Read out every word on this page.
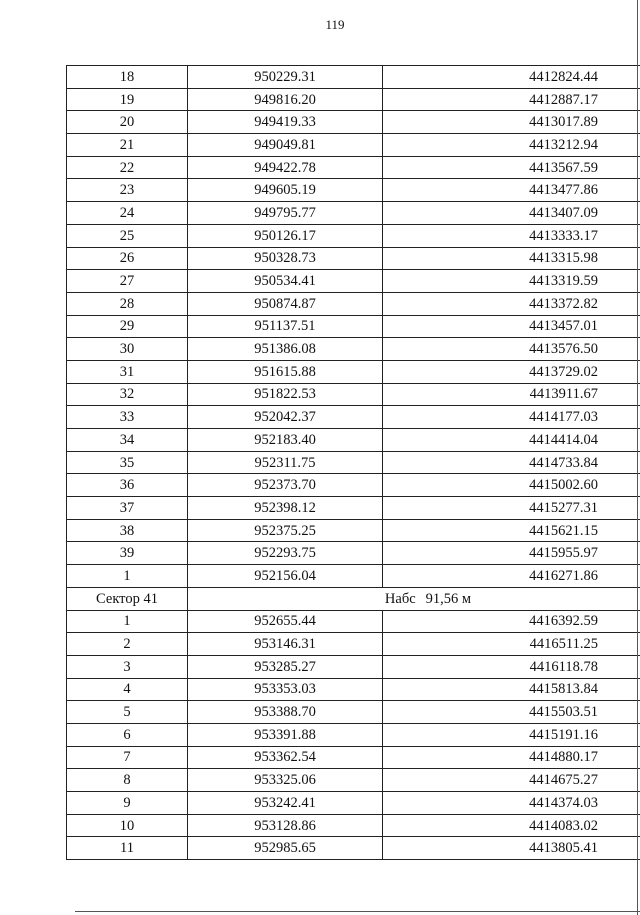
119
18	950229.31	4412824.44
19	949816.20	4412887.17
20	949419.33	4413017.89
21	949049.81	4413212.94
22	949422.78	4413567.59
23	949605.19	4413477.86
24	949795.77	4413407.09
25	950126.17	4413333.17
26	950328.73	4413315.98
27	950534.41	4413319.59
28	950874.87	4413372.82
29	951137.51	4413457.01
30	951386.08	4413576.50
31	951615.88	4413729.02
32	951822.53	4413911.67
33	952042.37	4414177.03
34	952183.40	4414414.04
35	952311.75	4414733.84
36	952373.70	4415002.60
37	952398.12	4415277.31
38	952375.25	4415621.15
39	952293.75	4415955.97
1	952156.04	4416271.86
Сектор 41	Набс 91,56 м	
1	952655.44	4416392.59
2	953146.31	4416511.25
3	953285.27	4416118.78
4	953353.03	4415813.84
5	953388.70	4415503.51
6	953391.88	4415191.16
7	953362.54	4414880.17
8	953325.06	4414675.27
9	953242.41	4414374.03
10	953128.86	4414083.02
11	952985.65	4413805.41
